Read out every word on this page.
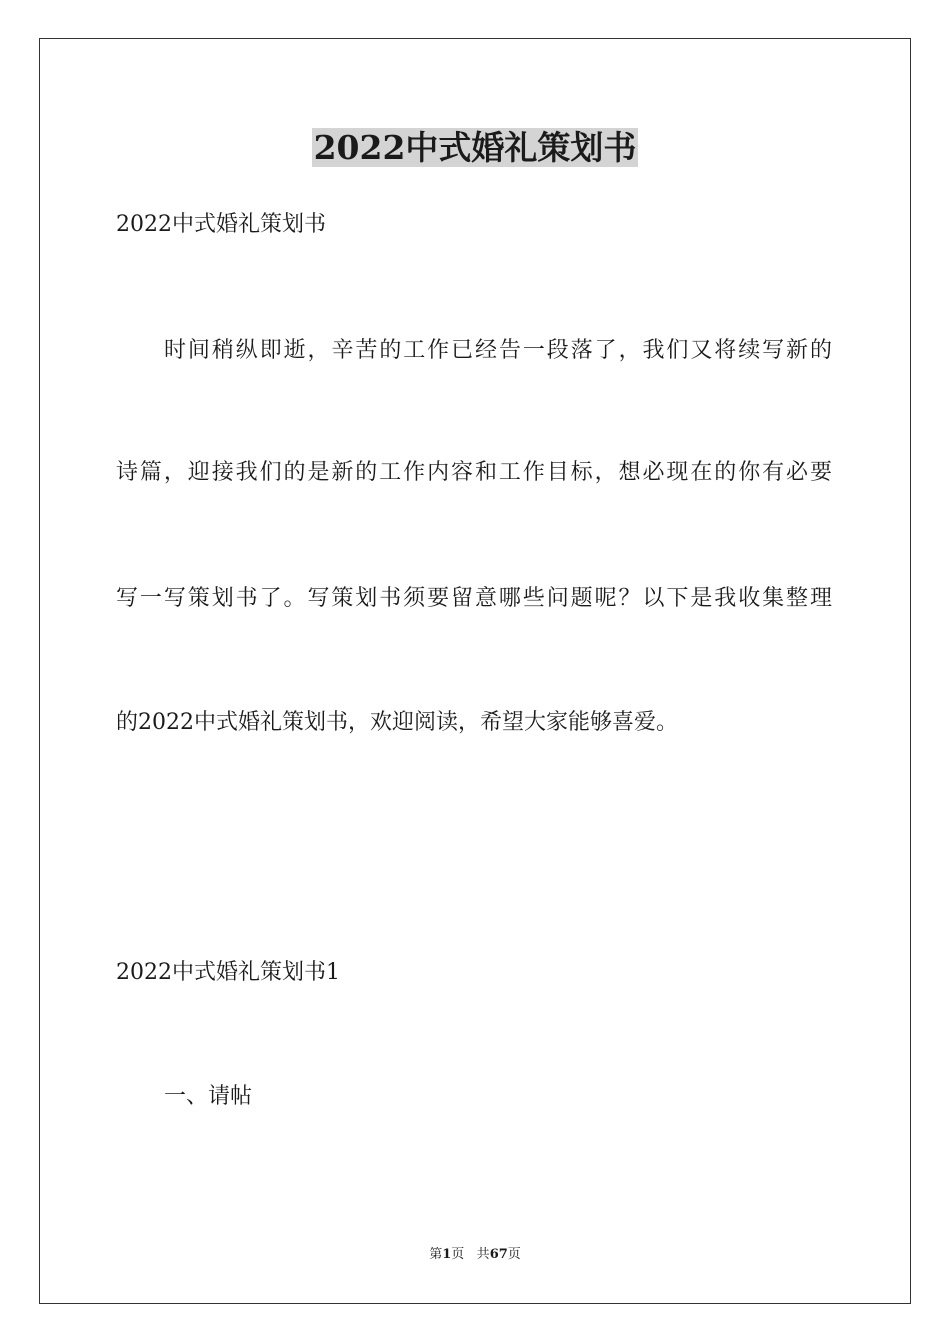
2022中式婚礼策划书
2022中式婚礼策划书
时间稍纵即逝，辛苦的工作已经告一段落了，我们又将续写新的
诗篇，迎接我们的是新的工作内容和工作目标，想必现在的你有必要
写一写策划书了。写策划书须要留意哪些问题呢？以下是我收集整理
的2022中式婚礼策划书，欢迎阅读，希望大家能够喜爱。
2022中式婚礼策划书1
一、请帖
第1页 共67页
